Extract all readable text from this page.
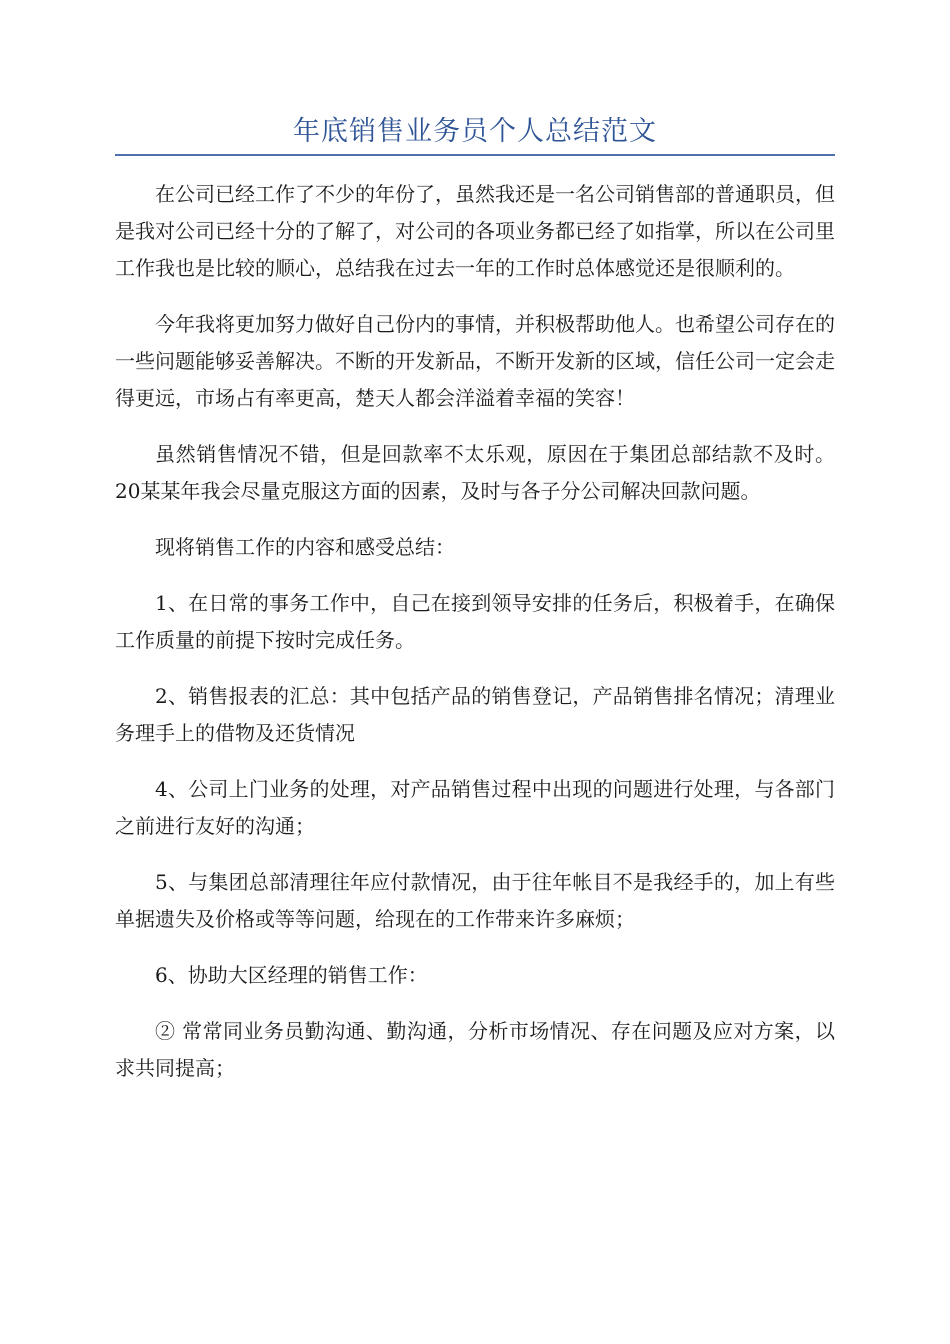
年底销售业务员个人总结范文

在公司已经工作了不少的年份了，虽然我还是一名公司销售部的普通职员，但是我对公司已经十分的了解了，对公司的各项业务都已经了如指掌，所以在公司里工作我也是比较的顺心，总结我在过去一年的工作时总体感觉还是很顺利的。

今年我将更加努力做好自己份内的事情，并积极帮助他人。也希望公司存在的一些问题能够妥善解决。不断的开发新品，不断开发新的区域，信任公司一定会走得更远，市场占有率更高，楚天人都会洋溢着幸福的笑容！

虽然销售情况不错，但是回款率不太乐观，原因在于集团总部结款不及时。20某某年我会尽量克服这方面的因素，及时与各子分公司解决回款问题。

现将销售工作的内容和感受总结：

1、在日常的事务工作中，自己在接到领导安排的任务后，积极着手，在确保工作质量的前提下按时完成任务。

2、销售报表的汇总：其中包括产品的销售登记，产品销售排名情况；清理业务理手上的借物及还货情况

4、公司上门业务的处理，对产品销售过程中出现的问题进行处理，与各部门之前进行友好的沟通；

5、与集团总部清理往年应付款情况，由于往年帐目不是我经手的，加上有些单据遗失及价格或等等问题，给现在的工作带来许多麻烦；

6、协助大区经理的销售工作：

② 常常同业务员勤沟通、勤沟通，分析市场情况、存在问题及应对方案，以求共同提高；
